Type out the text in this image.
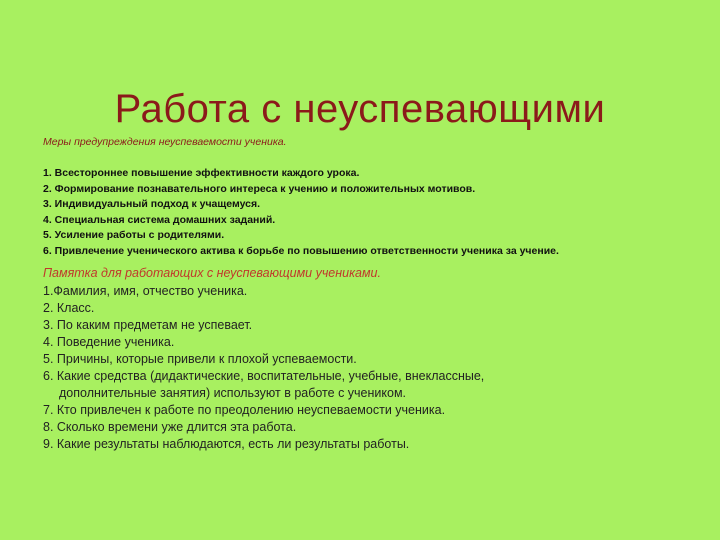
Работа с неуспевающими
Меры предупреждения неуспеваемости ученика.
1. Всестороннее повышение эффективности каждого урока.
2. Формирование познавательного интереса к учению и положительных мотивов.
3. Индивидуальный подход к учащемуся.
4. Специальная система домашних заданий.
5. Усиление работы с родителями.
6. Привлечение ученического актива к борьбе по повышению ответственности ученика за учение.
Памятка для работающих с неуспевающими учениками.
1.Фамилия, имя, отчество ученика.
2. Класс.
3. По каким предметам не успевает.
4. Поведение ученика.
5. Причины, которые привели к плохой успеваемости.
6. Какие средства (дидактические, воспитательные, учебные, внеклассные,
дополнительные занятия) используют в работе с учеником.
7. Кто привлечен к работе по преодолению неуспеваемости ученика.
8. Сколько времени уже длится эта работа.
9. Какие результаты наблюдаются, есть ли результаты работы.
